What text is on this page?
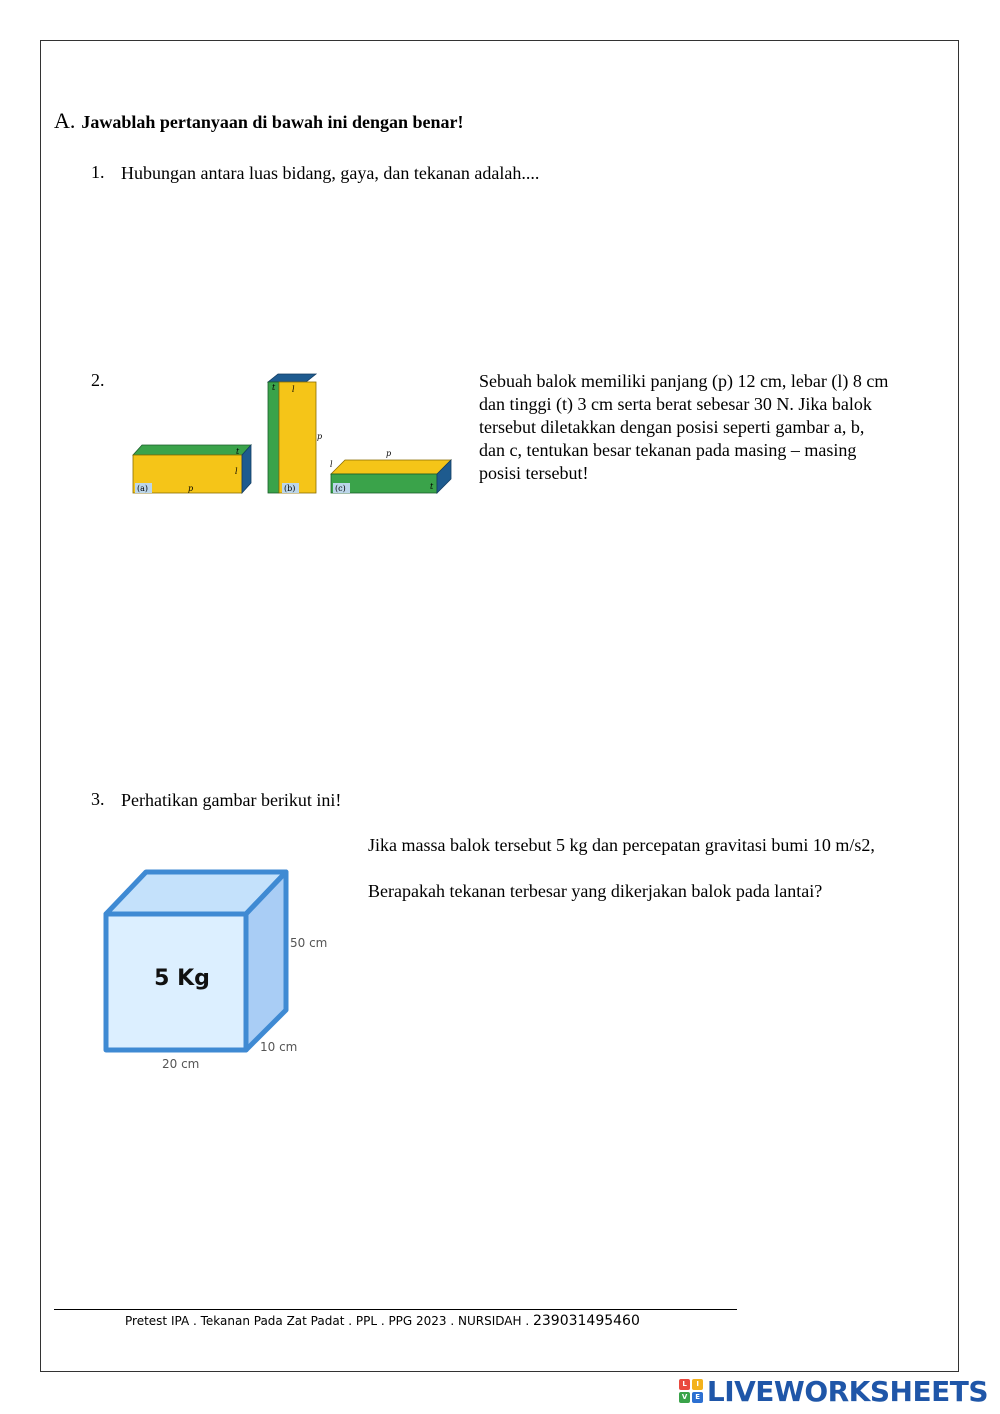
A. Jawablah pertanyaan di bawah ini dengan benar!
1. Hubungan antara luas bidang, gaya, dan tekanan adalah....
2.
(a)	p
l
t
(b)
t l
p
(c)
p
l
t
Sebuah balok memiliki panjang (p) 12 cm, lebar (l) 8 cm
dan tinggi (t) 3 cm serta berat sebesar 30 N. Jika balok
tersebut diletakkan dengan posisi seperti gambar a, b,
dan c, tentukan besar tekanan pada masing – masing
posisi tersebut!
3. Perhatikan gambar berikut ini!
Jika massa balok tersebut 5 kg dan percepatan gravitasi bumi 10 m/s2,
Berapakah tekanan terbesar yang dikerjakan balok pada lantai?
5 Kg
50 cm
10 cm
20 cm
Pretest IPA . Tekanan Pada Zat Padat . PPL . PPG 2023 . NURSIDAH . 239031495460
L	I
V	E LIVEWORKSHEETS
